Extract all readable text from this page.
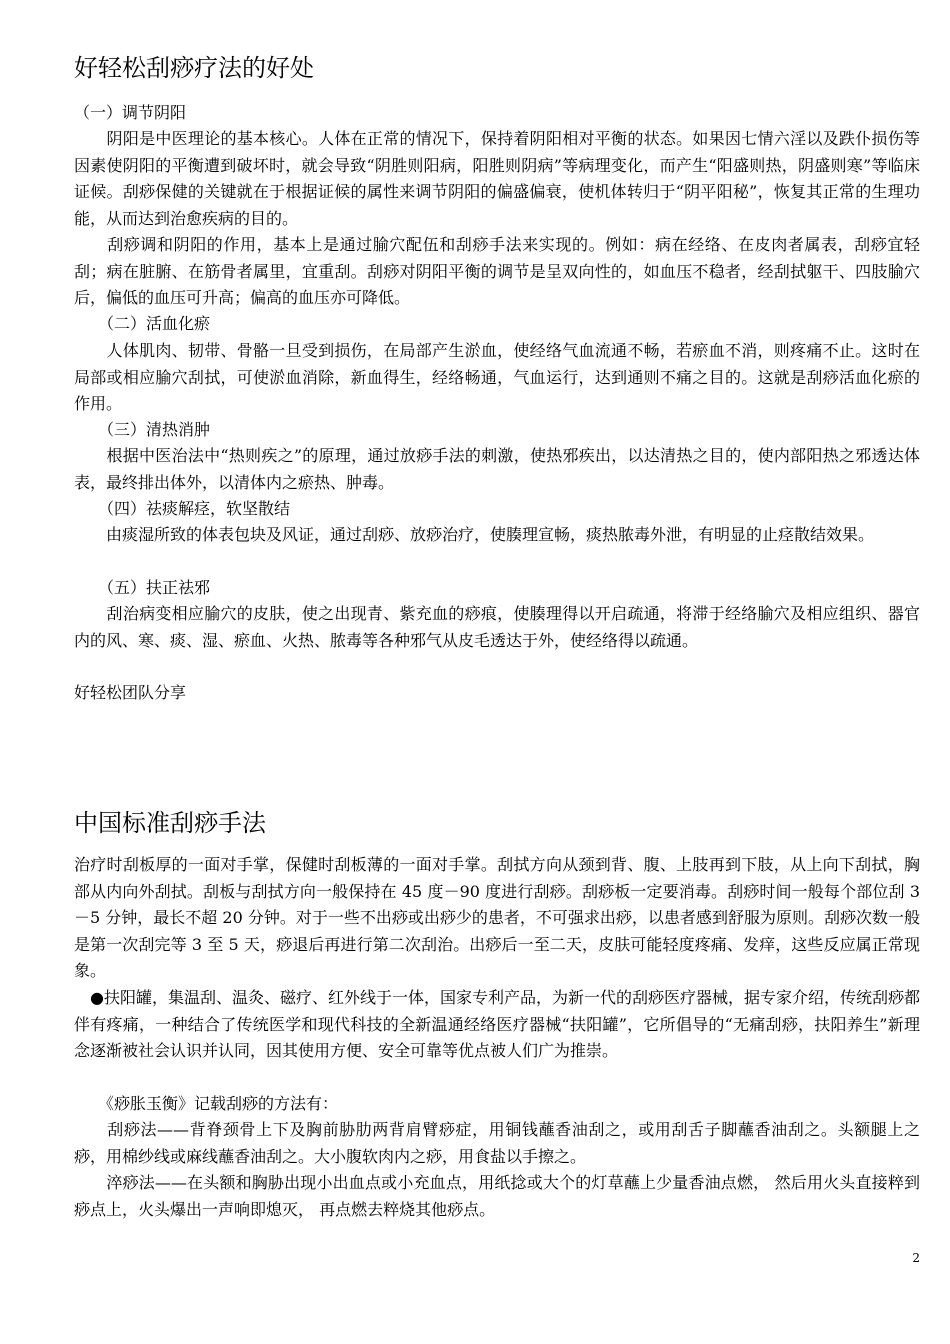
好轻松刮痧疗法的好处
（一）调节阴阳

　　阴阳是中医理论的基本核心。人体在正常的情况下，保持着阴阳相对平衡的状态。如果因七情六淫以及跌仆损伤等因素使阴阳的平衡遭到破坏时，就会导致“阴胜则阳病，阳胜则阴病”等病理变化，而产生“阳盛则热，阴盛则寒”等临床证候。刮痧保健的关键就在于根据证候的属性来调节阴阳的偏盛偏衰，使机体转归于“阴平阳秘”，恢复其正常的生理功能，从而达到治愈疾病的目的。

　　刮痧调和阴阳的作用，基本上是通过腧穴配伍和刮痧手法来实现的。例如：病在经络、在皮肉者属表，刮痧宜轻刮；病在脏腑、在筋骨者属里，宜重刮。刮痧对阴阳平衡的调节是呈双向性的，如血压不稳者，经刮拭躯干、四肢腧穴后，偏低的血压可升高；偏高的血压亦可降低。

（二）活血化瘀

　　人体肌肉、韧带、骨骼一旦受到损伤，在局部产生淤血，使经络气血流通不畅，若瘀血不消，则疼痛不止。这时在局部或相应腧穴刮拭，可使淤血消除，新血得生，经络畅通，气血运行，达到通则不痛之目的。这就是刮痧活血化瘀的作用。

（三）清热消肿

　　根据中医治法中“热则疾之”的原理，通过放痧手法的刺激，使热邪疾出，以达清热之目的，使内部阳热之邪透达体表，最终排出体外，以清体内之瘀热、肿毒。

（四）祛痰解痉，软坚散结

　　由痰湿所致的体表包块及风证，通过刮痧、放痧治疗，使腠理宣畅，痰热脓毒外泄，有明显的止痉散结效果。

（五）扶正祛邪

　　刮治病变相应腧穴的皮肤，使之出现青、紫充血的痧痕，使腠理得以开启疏通，将滞于经络腧穴及相应组织、器官内的风、寒、痰、湿、瘀血、火热、脓毒等各种邪气从皮毛透达于外，使经络得以疏通。

好轻松团队分享
中国标准刮痧手法

治疗时刮板厚的一面对手掌，保健时刮板薄的一面对手掌。刮拭方向从颈到背、腹、上肢再到下肢，从上向下刮拭，胸部从内向外刮拭。刮板与刮拭方向一般保持在 45 度－90 度进行刮痧。刮痧板一定要消毒。刮痧时间一般每个部位刮 3－5 分钟，最长不超 20 分钟。对于一些不出痧或出痧少的患者，不可强求出痧，以患者感到舒服为原则。刮痧次数一般是第一次刮完等 3 至 5 天，痧退后再进行第二次刮治。出痧后一至二天，皮肤可能轻度疼痛、发痒，这些反应属正常现象。

　●扶阳罐，集温刮、温灸、磁疗、红外线于一体，国家专利产品，为新一代的刮痧医疗器械，据专家介绍，传统刮痧都伴有疼痛，一种结合了传统医学和现代科技的全新温通经络医疗器械“扶阳罐”，它所倡导的“无痛刮痧，扶阳养生”新理念逐渐被社会认识并认同，因其使用方便、安全可靠等优点被人们广为推崇。

　　《痧胀玉衡》记载刮痧的方法有：

　　刮痧法——背脊颈骨上下及胸前胁肋两背肩臂痧症，用铜钱蘸香油刮之，或用刮舌子脚蘸香油刮之。头额腿上之痧，用棉纱线或麻线蘸香油刮之。大小腹软肉内之痧，用食盐以手擦之。

　　淬痧法——在头额和胸胁出现小出血点或小充血点，用纸捻或大个的灯草蘸上少量香油点燃， 然后用火头直接粹到痧点上，火头爆出一声响即熄灭， 再点燃去粹烧其他痧点。

2
